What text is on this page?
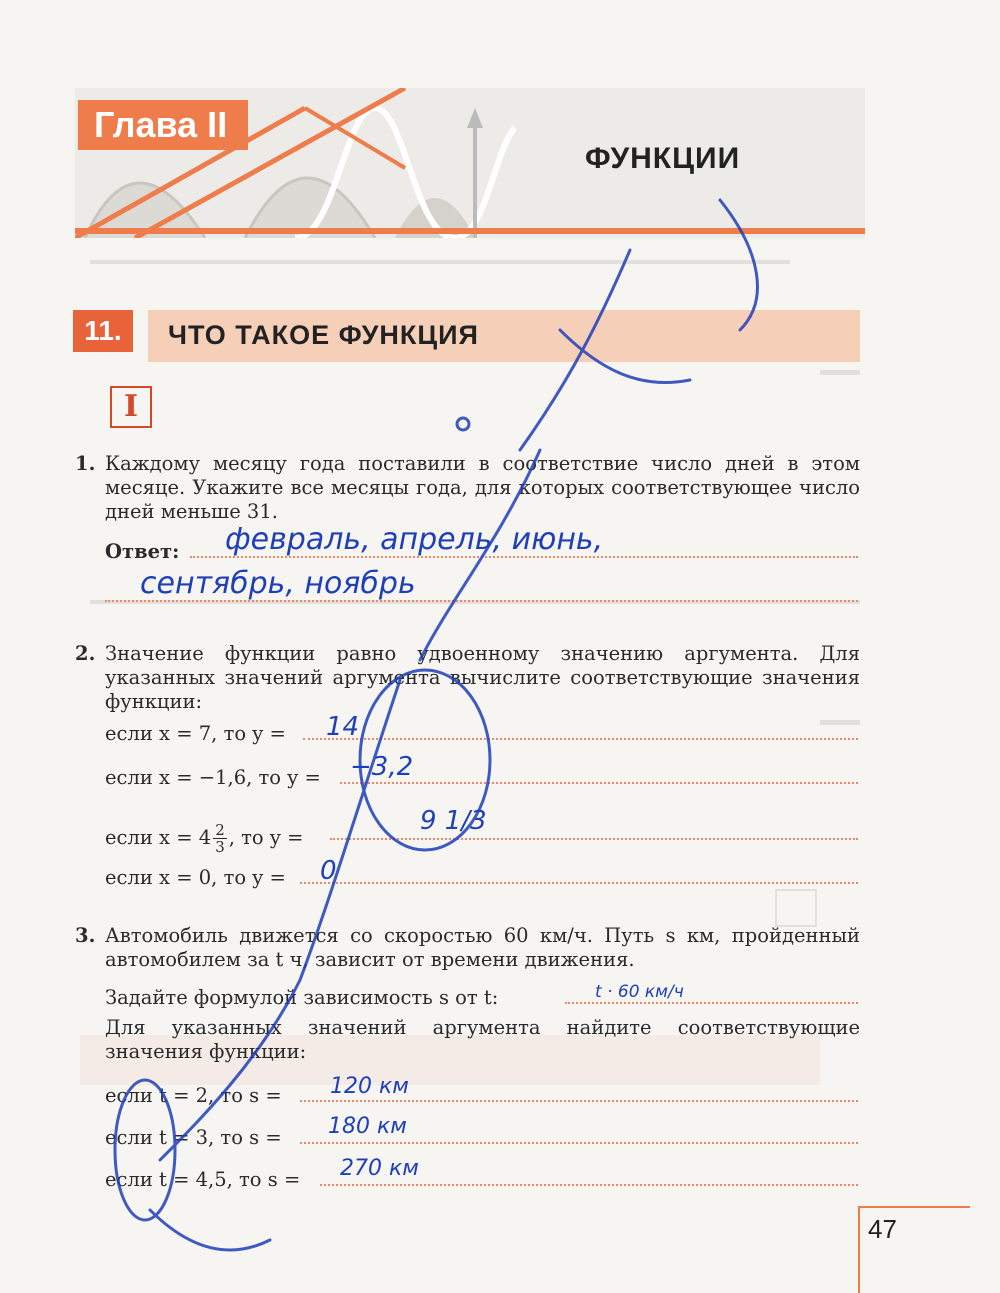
Глава II
ФУНКЦИИ
11.	ЧТО ТАКОЕ ФУНКЦИЯ
I
1. Каждому месяцу года поставили в соответствие число дней в этом месяце. Укажите все месяцы года, для которых соответствующее число дней меньше 31.
Ответ: февраль, апрель, июнь,
сентябрь, ноябрь
2. Значение функции равно удвоенному значению аргумента. Для указанных значений аргумента вычислите соответствующие значения функции:
если x = 7, то y = 14
если x = −1,6, то y = −3,2
если $x = 4 \frac{2}{3}$ , то y =
9 1/3
если x = 0, то y = 0
3. Автомобиль движется со скоростью 60 км/ч. Путь s км, пройденный автомобилем за t ч, зависит от времени движения.
Задайте формулой зависимость s от t:	t · 60 км/ч
Для указанных значений аргумента найдите соответствующие значения функции:
если t = 2, то s = 120 км
если t = 3, то s = 180 км
если t = 4,5, то s = 270 км
47
